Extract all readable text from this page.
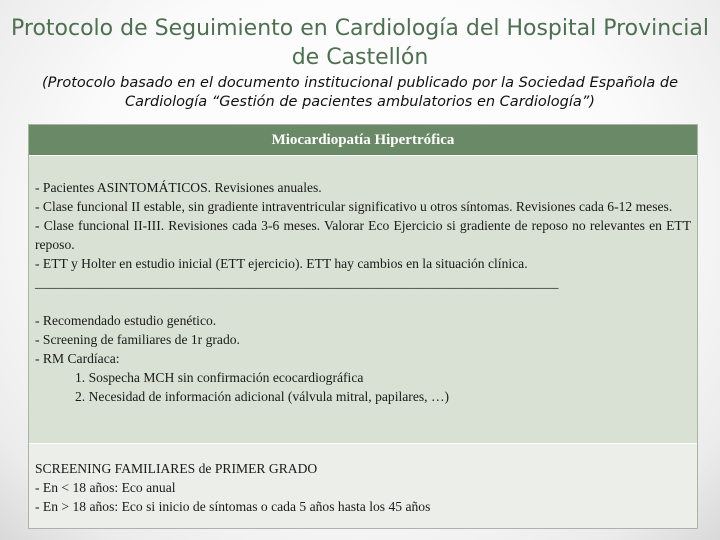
Protocolo de Seguimiento en Cardiología del Hospital Provincial de Castellón
(Protocolo basado en el documento institucional publicado por la Sociedad Española de Cardiología “Gestión de pacientes ambulatorios en Cardiología”)
Miocardiopatía Hipertrófica
- Pacientes ASINTOMÁTICOS. Revisiones anuales.
- Clase funcional II estable, sin gradiente intraventricular significativo u otros síntomas. Revisiones cada 6-12 meses.
- Clase funcional II-III. Revisiones cada 3-6 meses. Valorar Eco Ejercicio si gradiente de reposo no relevantes en ETT reposo.
- ETT y Holter en estudio inicial (ETT ejercicio). ETT hay cambios en la situación clínica.
_____________________________________________________________________________
- Recomendado estudio genético.
- Screening de familiares de 1r grado.
- RM Cardíaca:
1. Sospecha MCH sin confirmación ecocardiográfica
2. Necesidad de información adicional (válvula mitral, papilares, …)
SCREENING FAMILIARES de PRIMER GRADO
- En < 18 años: Eco anual
- En > 18 años: Eco si inicio de síntomas o cada 5 años hasta los 45 años
